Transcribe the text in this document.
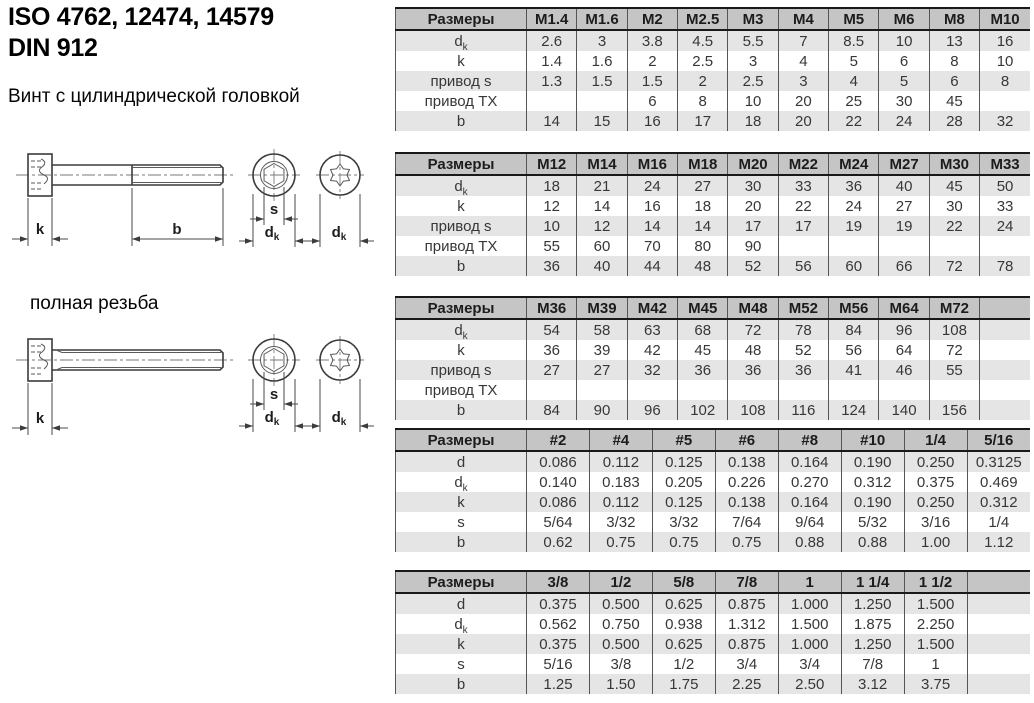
ISO 4762, 12474, 14579
DIN 912
Винт с цилиндрической головкой
k	b
s
$d_k$	$d_k$
полная резьба
k
Размеры	M1.4	M1.6	M2	M2.5	M3	M4	M5	M6	M8	M10
$d_k$	2.6	3	3.8	4.5	5.5	7	8.5	10	13	16
k	1.4	1.6	2	2.5	3	4	5	6	8	10
привод s	1.3	1.5	1.5	2	2.5	3	4	5	6	8
привод TX			6	8	10	20	25	30	45	
b	14	15	16	17	18	20	22	24	28	32
Размеры	M12	M14	M16	M18	M20	M22	M24	M27	M30	M33
$d_k$	18	21	24	27	30	33	36	40	45	50
k	12	14	16	18	20	22	24	27	30	33
привод s	10	12	14	14	17	17	19	19	22	24
привод TX	55	60	70	80	90					
b	36	40	44	48	52	56	60	66	72	78
Размеры	M36	M39	M42	M45	M48	M52	M56	M64	M72	
$d_k$	54	58	63	68	72	78	84	96	108	
k	36	39	42	45	48	52	56	64	72	
привод s	27	27	32	36	36	36	41	46	55	
привод TX										
b	84	90	96	102	108	116	124	140	156	
Размеры	#2	#4	#5	#6	#8	#10	1/4	5/16
d	0.086	0.112	0.125	0.138	0.164	0.190	0.250	0.3125
$d_k$	0.140	0.183	0.205	0.226	0.270	0.312	0.375	0.469
k	0.086	0.112	0.125	0.138	0.164	0.190	0.250	0.312
s	5/64	3/32	3/32	7/64	9/64	5/32	3/16	1/4
b	0.62	0.75	0.75	0.75	0.88	0.88	1.00	1.12
Размеры	3/8	1/2	5/8	7/8	1	1 1/4	1 1/2	
d	0.375	0.500	0.625	0.875	1.000	1.250	1.500	
$d_k$	0.562	0.750	0.938	1.312	1.500	1.875	2.250	
k	0.375	0.500	0.625	0.875	1.000	1.250	1.500	
s	5/16	3/8	1/2	3/4	3/4	7/8	1	
b	1.25	1.50	1.75	2.25	2.50	3.12	3.75	
